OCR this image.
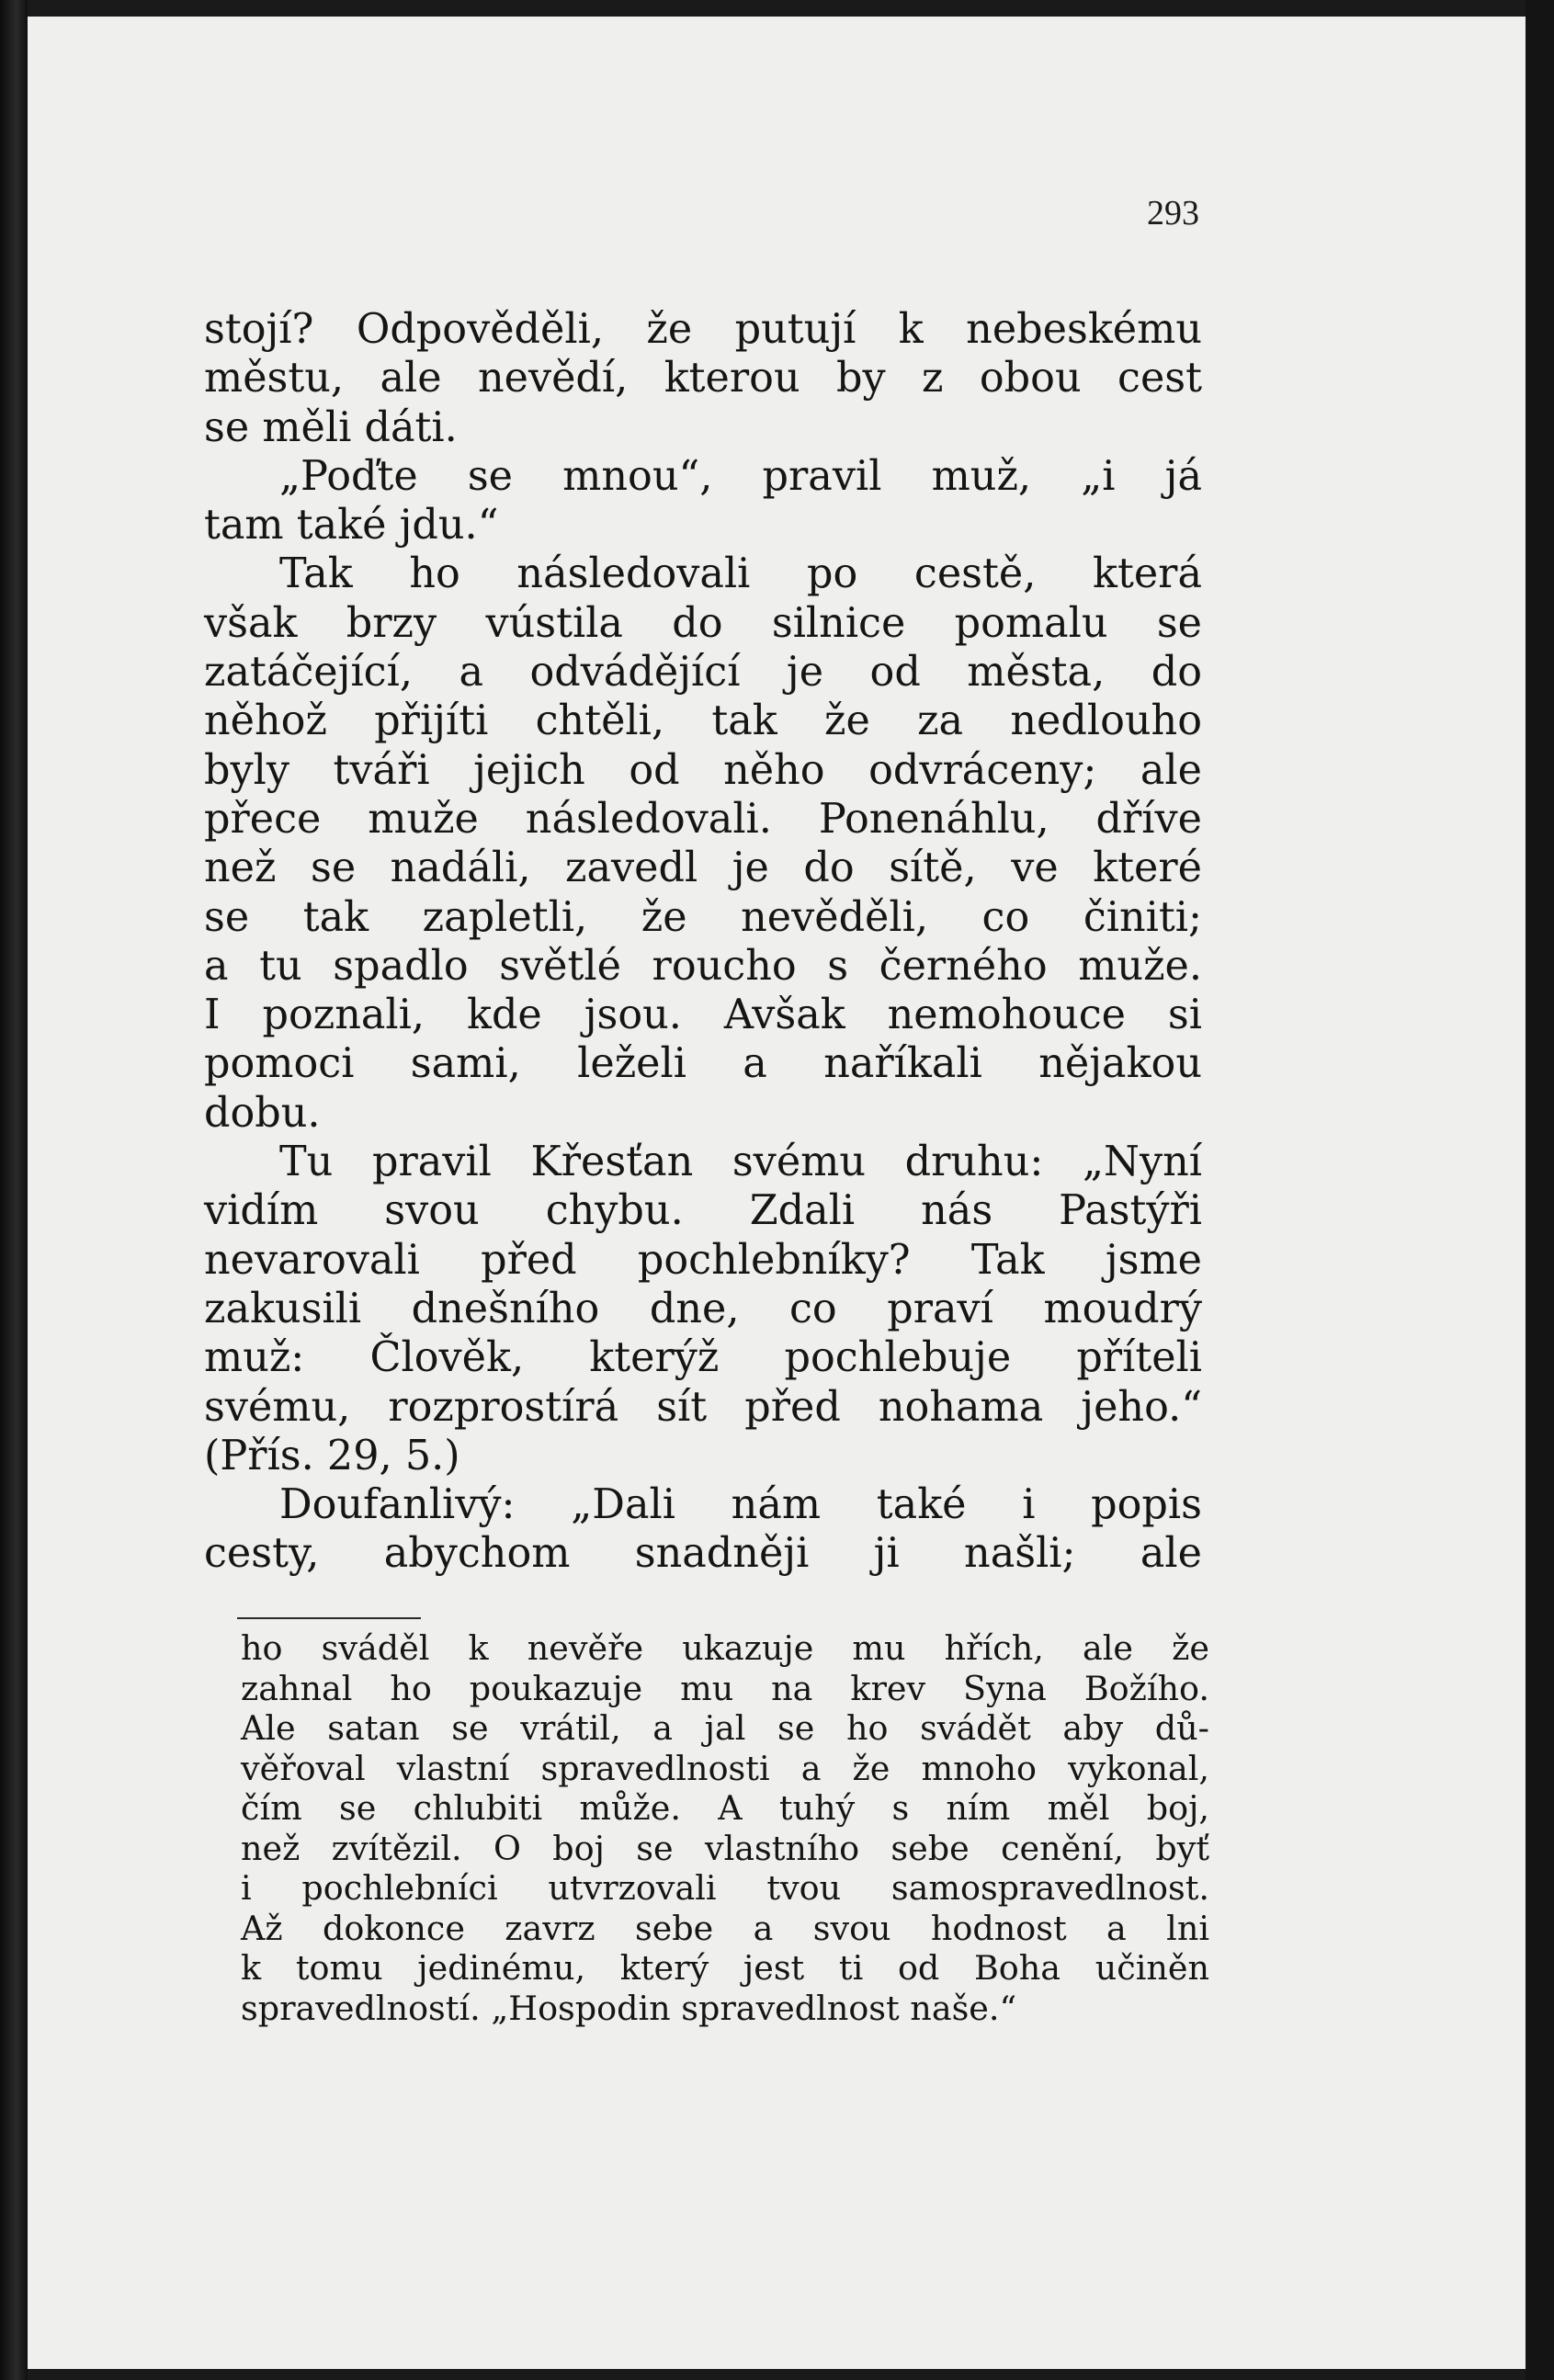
293
stojí? Odpověděli, že putují k nebeskému
městu, ale nevědí, kterou by z obou cest
se měli dáti.
„Poďte se mnou“, pravil muž, „i já
tam také jdu.“
Tak ho následovali po cestě, která
však brzy vústila do silnice pomalu se
zatáčející, a odvádějící je od města, do
něhož přijíti chtěli, tak že za nedlouho
byly tváři jejich od něho odvráceny; ale
přece muže následovali. Ponenáhlu, dříve
než se nadáli, zavedl je do sítě, ve které
se tak zapletli, že nevěděli, co činiti;
a tu spadlo světlé roucho s černého muže.
I poznali, kde jsou. Avšak nemohouce si
pomoci sami, leželi a naříkali nějakou
dobu.
Tu pravil Křesťan svému druhu: „Nyní
vidím svou chybu. Zdali nás Pastýři
nevarovali před pochlebníky? Tak jsme
zakusili dnešního dne, co praví moudrý
muž: Člověk, kterýž pochlebuje příteli
svému, rozprostírá sít před nohama jeho.“
(Přís. 29, 5.)
Doufanlivý: „Dali nám také i popis
cesty, abychom snadněji ji našli; ale
ho sváděl k nevěře ukazuje mu hřích, ale že
zahnal ho poukazuje mu na krev Syna Božího.
Ale satan se vrátil, a jal se ho svádět aby dů-
věřoval vlastní spravedlnosti a že mnoho vykonal,
čím se chlubiti může. A tuhý s ním měl boj,
než zvítězil. O boj se vlastního sebe cenění, byť
i pochlebníci utvrzovali tvou samospravedlnost.
Až dokonce zavrz sebe a svou hodnost a lni
k tomu jedinému, který jest ti od Boha učiněn
spravedlností. „Hospodin spravedlnost naše.“
